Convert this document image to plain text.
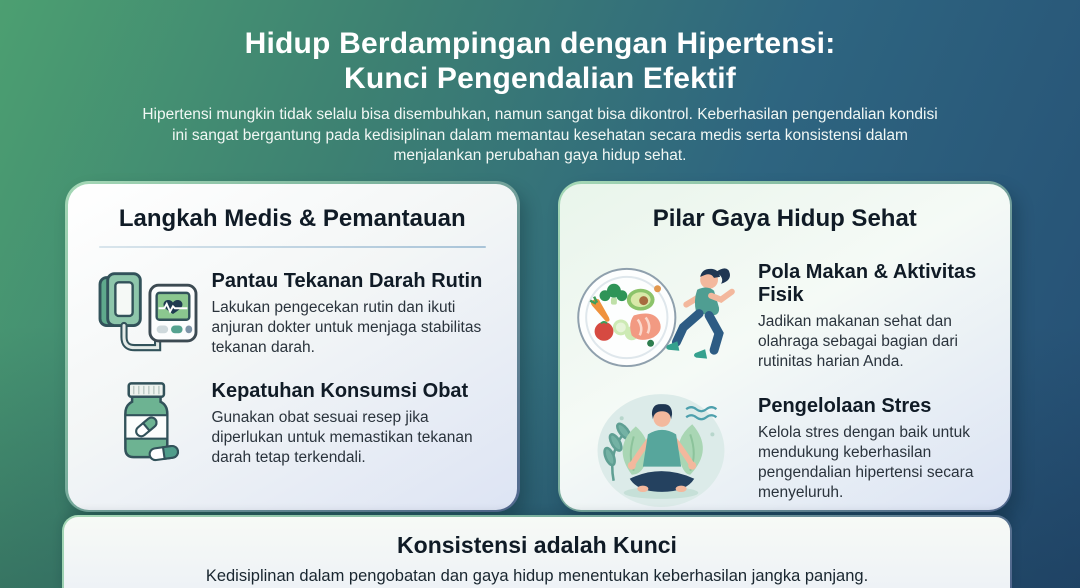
Hidup Berdampingan dengan Hipertensi:
Kunci Pengendalian Efektif

Hipertensi mungkin tidak selalu bisa disembuhkan, namun sangat bisa dikontrol. Keberhasilan pengendalian kondisi ini sangat bergantung pada kedisiplinan dalam memantau kesehatan secara medis serta konsistensi dalam menjalankan perubahan gaya hidup sehat.

Langkah Medis & Pemantauan
Pantau Tekanan Darah Rutin

Lakukan pengecekan rutin dan ikuti anjuran dokter untuk menjaga stabilitas tekanan darah.

Kepatuhan Konsumsi Obat

Gunakan obat sesuai resep jika diperlukan untuk memastikan tekanan darah tetap terkendali.

Pilar Gaya Hidup Sehat
Pola Makan & Aktivitas Fisik

Jadikan makanan sehat dan olahraga sebagai bagian dari rutinitas harian Anda.

Pengelolaan Stres

Kelola stres dengan baik untuk mendukung keberhasilan pengendalian hipertensi secara menyeluruh.

Konsistensi adalah Kunci

Kedisiplinan dalam pengobatan dan gaya hidup menentukan keberhasilan jangka panjang.
